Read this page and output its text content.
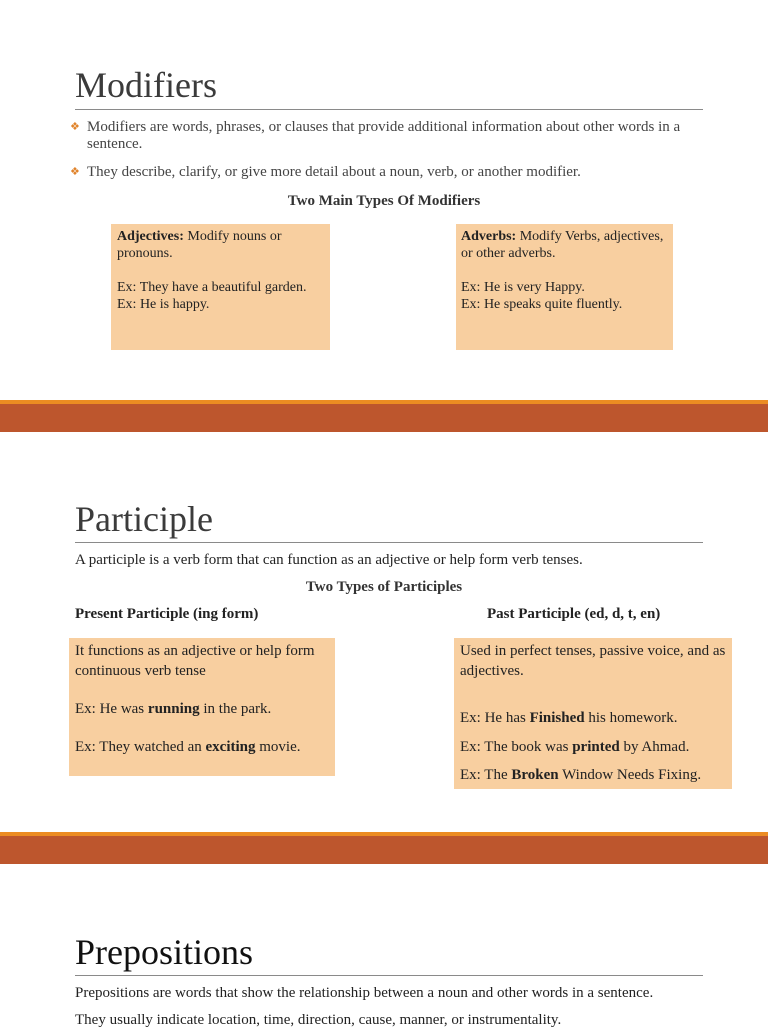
Modifiers
❖ Modifiers are words, phrases, or clauses that provide additional information about other words in a sentence.
❖ They describe, clarify, or give more detail about a noun, verb, or another modifier.
Two Main Types Of Modifiers
Adjectives: Modify nouns or pronouns.
Ex: They have a beautiful garden.
Ex: He is happy.
Adverbs: Modify Verbs, adjectives, or other adverbs.
Ex: He is very Happy.
Ex: He speaks quite fluently.
Participle
A participle is a verb form that can function as an adjective or help form verb tenses.
Two Types of Participles
Present Participle (ing form)	Past Participle (ed, d, t, en)
It functions as an adjective or help form continuous verb tense
Ex: He was running in the park.
Ex: They watched an exciting movie.
Used in perfect tenses, passive voice, and as adjectives.
Ex: He has Finished his homework.
Ex: The book was printed by Ahmad.
Ex: The Broken Window Needs Fixing.
Prepositions
Prepositions are words that show the relationship between a noun and other words in a sentence.
They usually indicate location, time, direction, cause, manner, or instrumentality.
